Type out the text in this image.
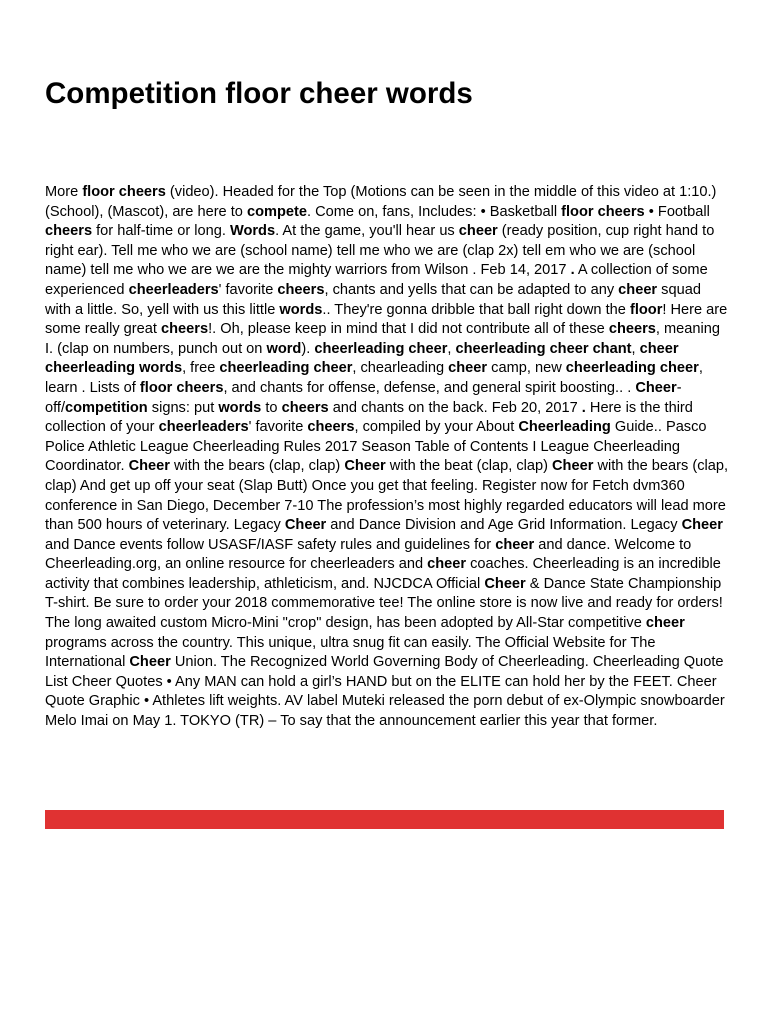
Competition floor cheer words

More floor cheers (video). Headed for the Top (Motions can be seen in the middle of this video at 1:10.) (School), (Mascot), are here to compete. Come on, fans, Includes: • Basketball floor cheers • Football cheers for half-time or long. Words. At the game, you'll hear us cheer (ready position, cup right hand to right ear). Tell me who we are (school name) tell me who we are (clap 2x) tell em who we are (school name) tell me who we are we are the mighty warriors from Wilson . Feb 14, 2017 . A collection of some experienced cheerleaders' favorite cheers, chants and yells that can be adapted to any cheer squad with a little. So, yell with us this little words.. They're gonna dribble that ball right down the floor! Here are some really great cheers!. Oh, please keep in mind that I did not contribute all of these cheers, meaning I. (clap on numbers, punch out on word). cheerleading cheer, cheerleading cheer chant, cheer cheerleading words, free cheerleading cheer, chearleading cheer camp, new cheerleading cheer, learn . Lists of floor cheers, and chants for offense, defense, and general spirit boosting.. . Cheer-off/competition signs: put words to cheers and chants on the back. Feb 20, 2017 . Here is the third collection of your cheerleaders' favorite cheers, compiled by your About Cheerleading Guide.. Pasco Police Athletic League Cheerleading Rules 2017 Season Table of Contents I League Cheerleading Coordinator. Cheer with the bears (clap, clap) Cheer with the beat (clap, clap) Cheer with the bears (clap, clap) And get up off your seat (Slap Butt) Once you get that feeling. Register now for Fetch dvm360 conference in San Diego, December 7-10 The profession’s most highly regarded educators will lead more than 500 hours of veterinary. Legacy Cheer and Dance Division and Age Grid Information. Legacy Cheer and Dance events follow USASF/IASF safety rules and guidelines for cheer and dance. Welcome to Cheerleading.org, an online resource for cheerleaders and cheer coaches. Cheerleading is an incredible activity that combines leadership, athleticism, and. NJCDCA Official Cheer & Dance State Championship T-shirt. Be sure to order your 2018 commemorative tee! The online store is now live and ready for orders! The long awaited custom Micro-Mini "crop" design, has been adopted by All-Star competitive cheer programs across the country. This unique, ultra snug fit can easily. The Official Website for The International Cheer Union. The Recognized World Governing Body of Cheerleading. Cheerleading Quote List Cheer Quotes • Any MAN can hold a girl’s HAND but on the ELITE can hold her by the FEET. Cheer Quote Graphic • Athletes lift weights. AV label Muteki released the porn debut of ex-Olympic snowboarder Melo Imai on May 1. TOKYO (TR) – To say that the announcement earlier this year that former.
